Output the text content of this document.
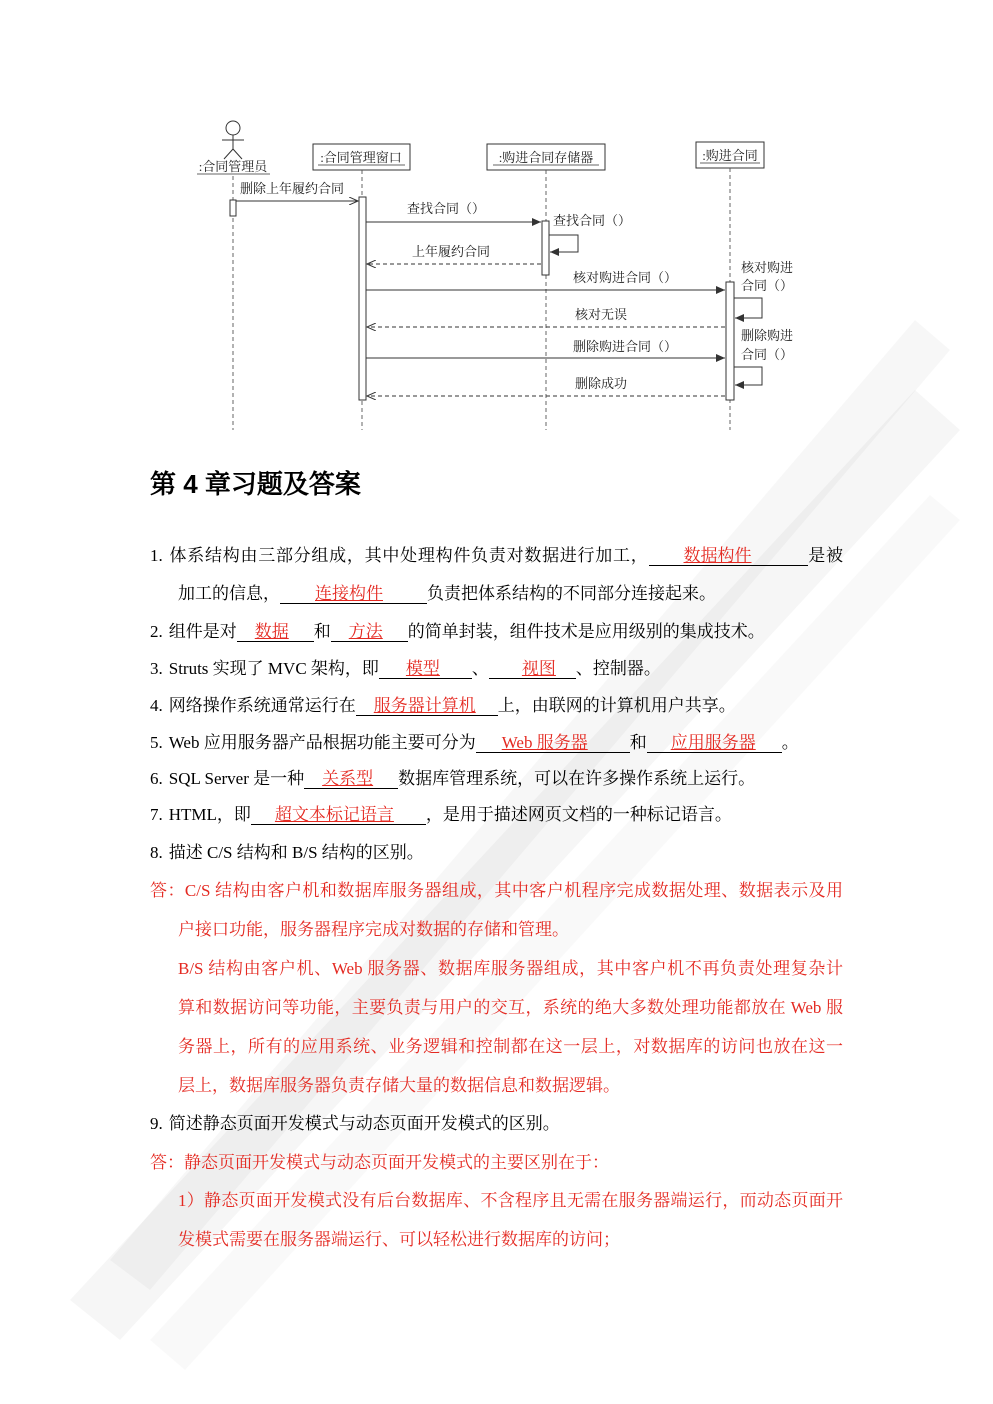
:合同管理员
:合同管理窗口	:购进合同存储器	:购进合同
删除上年履约合同
查找合同（）
查找合同（）
上年履约合同
核对购进合同（）
核对购进
合同（）
核对无误
删除购进合同（）
删除购进
合同（）
删除成功
第 4 章习题及答案
1. 体系结构由三部分组成，其中处理构件负责对数据进行加工， 数据构件	是被
加工的信息， 连接构件	负责把体系结构的不同部分连接起来。
2. 组件是对 数据 和 方法 的简单封装，组件技术是应用级别的集成技术。
3. Struts 实现了 MVC 架构，即 模型 、 视图 、控制器。
4. 网络操作系统通常运行在 服务器计算机 上，由联网的计算机用户共享。
5. Web 应用服务器产品根据功能主要可分为 Web 服务器 和 应用服务器 。
6. SQL Server 是一种 关系型 数据库管理系统，可以在许多操作系统上运行。
7. HTML，即 超文本标记语言 ，是用于描述网页文档的一种标记语言。
8. 描述 C/S 结构和 B/S 结构的区别。
答：C/S 结构由客户机和数据库服务器组成，其中客户机程序完成数据处理、数据表示及用
户接口功能，服务器程序完成对数据的存储和管理。
B/S 结构由客户机、Web 服务器、数据库服务器组成，其中客户机不再负责处理复杂计
算和数据访问等功能，主要负责与用户的交互，系统的绝大多数处理功能都放在 Web 服
务器上，所有的应用系统、业务逻辑和控制都在这一层上，对数据库的访问也放在这一
层上，数据库服务器负责存储大量的数据信息和数据逻辑。
9. 简述静态页面开发模式与动态页面开发模式的区别。
答：静态页面开发模式与动态页面开发模式的主要区别在于：
1）静态页面开发模式没有后台数据库、不含程序且无需在服务器端运行，而动态页面开
发模式需要在服务器端运行、可以轻松进行数据库的访问；
